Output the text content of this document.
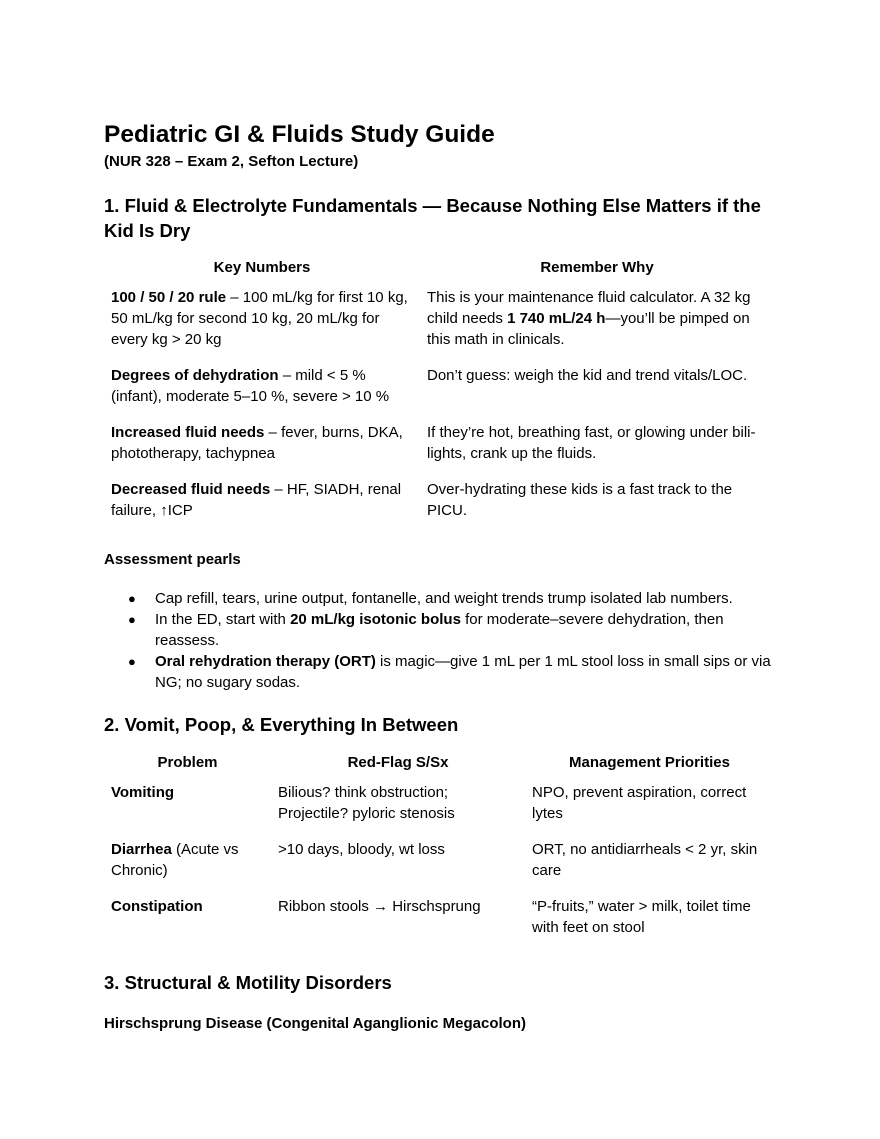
Pediatric GI & Fluids Study Guide

(NUR 328 – Exam 2, Sefton Lecture)

1. Fluid & Electrolyte Fundamentals — Because Nothing Else Matters if the Kid Is Dry
Key Numbers	Remember Why
100 / 50 / 20 rule – 100 mL/kg for first 10 kg, 50 mL/kg for second 10 kg, 20 mL/kg for every kg > 20 kg	This is your maintenance fluid calculator. A 32 kg child needs 1 740 mL/24 h—you’ll be pimped on this math in clinicals.
Degrees of dehydration – mild < 5 % (infant), moderate 5–10 %, severe > 10 %	Don’t guess: weigh the kid and trend vitals/LOC.
Increased fluid needs – fever, burns, DKA, phototherapy, tachypnea	If they’re hot, breathing fast, or glowing under bili-lights, crank up the fluids.
Decreased fluid needs – HF, SIADH, renal failure, ↑ICP	Over-hydrating these kids is a fast track to the PICU.

Assessment pearls

● Cap refill, tears, urine output, fontanelle, and weight trends trump isolated lab numbers.
● In the ED, start with 20 mL/kg isotonic bolus for moderate–severe dehydration, then reassess.
● Oral rehydration therapy (ORT) is magic—give 1 mL per 1 mL stool loss in small sips or via NG; no sugary sodas.
2. Vomit, Poop, & Everything In Between
Problem	Red-Flag S/Sx	Management Priorities
Vomiting	Bilious? think obstruction; Projectile? pyloric stenosis	NPO, prevent aspiration, correct lytes
Diarrhea (Acute vs Chronic)	>10 days, bloody, wt loss	ORT, no antidiarrheals < 2 yr, skin care
Constipation	Ribbon stools → Hirschsprung	“P-fruits,” water > milk, toilet time with feet on stool
3. Structural & Motility Disorders

Hirschsprung Disease (Congenital Aganglionic Megacolon)
